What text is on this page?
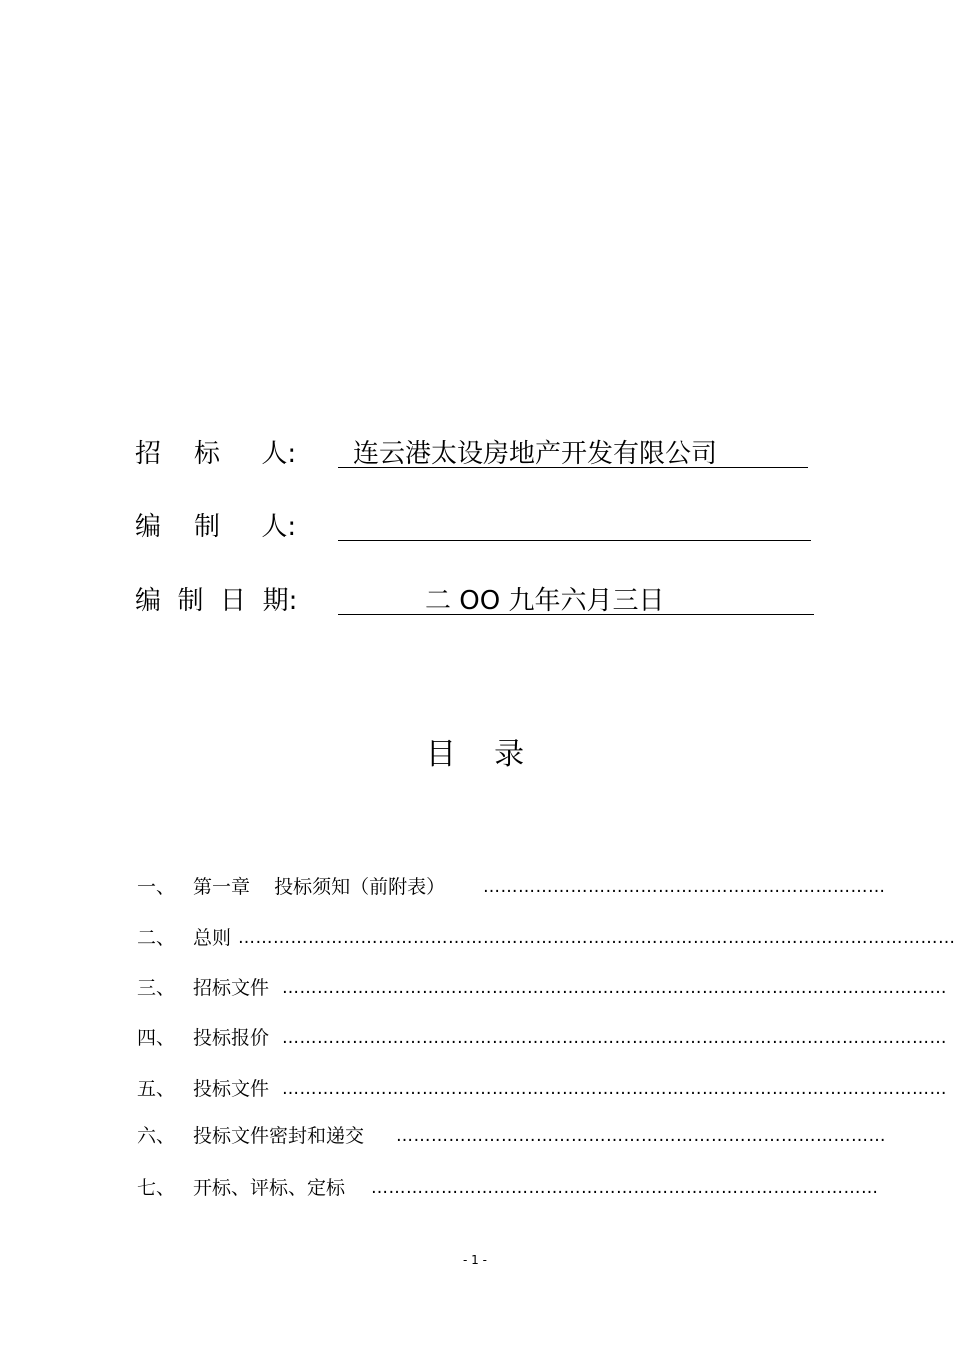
招    标     人: 连云港太设房地产开发有限公司
编    制     人:
编  制  日  期:	二 OO 九年六月三日
目    录
一、 第一章    投标须知（前附表） ……………………………………………………………
二、 总则 ……………………………………………………………………………………………………………
三、 招标文件 ……………………………………………………………………………………………………
四、 投标报价 ……………………………………………………………………………………………………
五、 投标文件 ……………………………………………………………………………………………………
六、 投标文件密封和递交 …………………………………………………………………………
七、 开标、评标、定标 ……………………………………………………………………………
- 1 -
